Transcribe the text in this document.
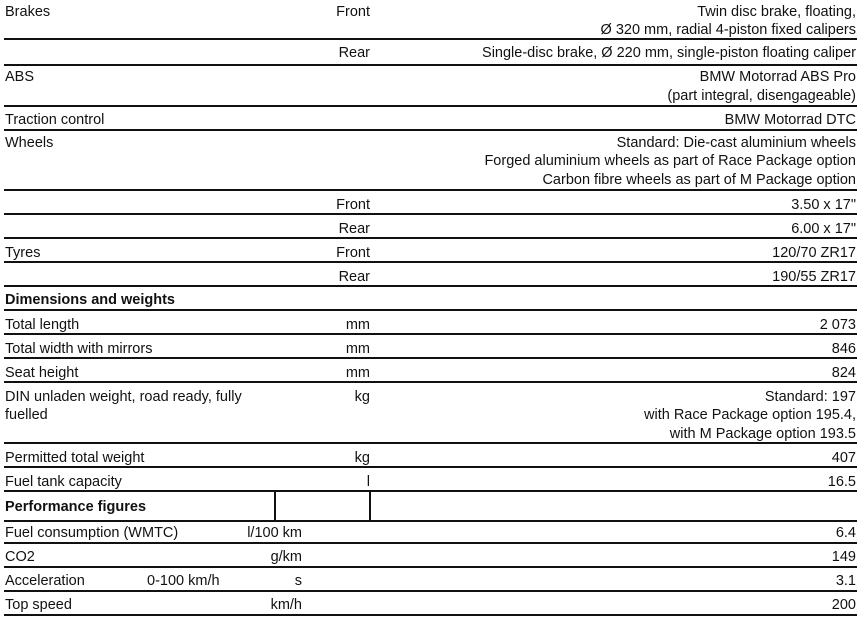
Brakes	Front	Twin disc brake, floating,
Ø 320 mm, radial 4-piston fixed calipers
Rear	Single-disc brake, Ø 220 mm, single-piston floating caliper
ABS	BMW Motorrad ABS Pro
(part integral, disengageable)
Traction control	BMW Motorrad DTC
Wheels	Standard: Die-cast aluminium wheels
Forged aluminium wheels as part of Race Package option
Carbon fibre wheels as part of M Package option
Front	3.50 x 17"
Rear	6.00 x 17"
Tyres	Front	120/70 ZR17
Rear	190/55 ZR17
Dimensions and weights
Total length	mm	2 073
Total width with mirrors	mm	846
Seat height	mm	824
DIN unladen weight, road ready, fully
fuelled
kg	Standard: 197
with Race Package option 195.4,
with M Package option 193.5
Permitted total weight	kg	407
Fuel tank capacity	l	16.5
Performance figures
Fuel consumption (WMTC)	l/100 km	6.4
CO2	g/km	149
Acceleration	0-100 km/h	s	3.1
Top speed	km/h	200
